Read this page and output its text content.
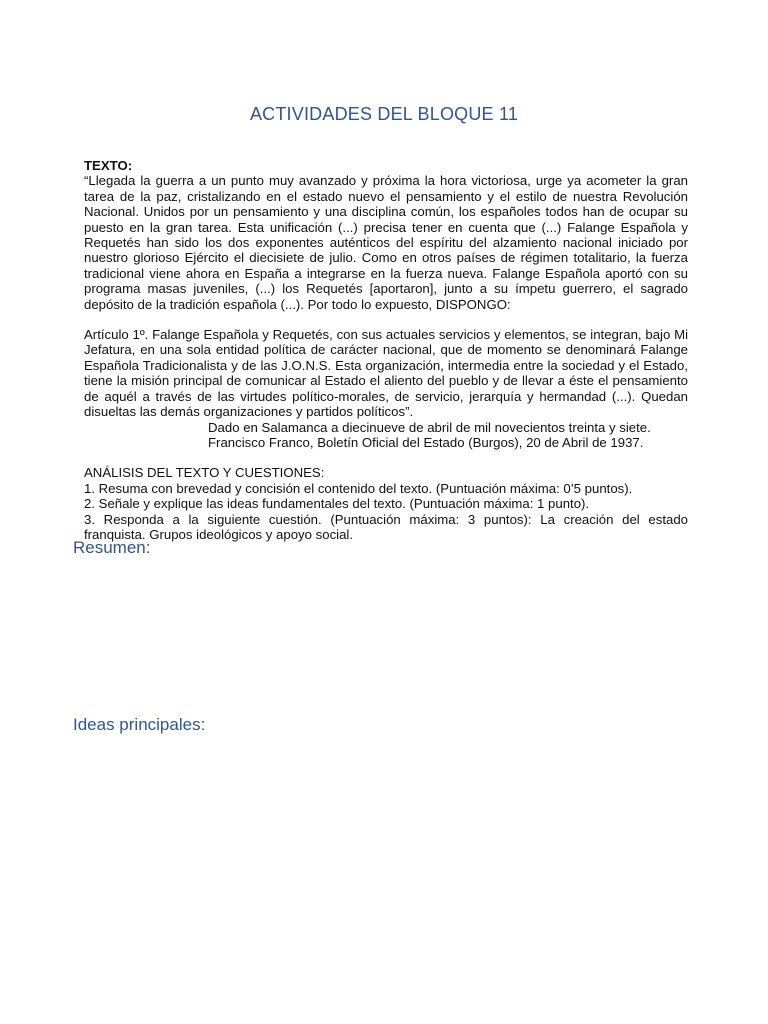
ACTIVIDADES DEL BLOQUE 11

TEXTO:

“Llegada la guerra a un punto muy avanzado y próxima la hora victoriosa, urge ya acometer la gran tarea de la paz, cristalizando en el estado nuevo el pensamiento y el estilo de nuestra Revolución Nacional. Unidos por un pensamiento y una disciplina común, los españoles todos han de ocupar su puesto en la gran tarea. Esta unificación (...) precisa tener en cuenta que (...) Falange Española y Requetés han sido los dos exponentes auténticos del espíritu del alzamiento nacional iniciado por nuestro glorioso Ejército el diecisiete de julio. Como en otros países de régimen totalitario, la fuerza tradicional viene ahora en España a integrarse en la fuerza nueva. Falange Española aportó con su programa masas juveniles, (...) los Requetés [aportaron], junto a su ímpetu guerrero, el sagrado depósito de la tradición española (...). Por todo lo expuesto, DISPONGO:

Artículo 1º. Falange Española y Requetés, con sus actuales servicios y elementos, se integran, bajo Mi Jefatura, en una sola entidad política de carácter nacional, que de momento se denominará Falange Española Tradicionalista y de las J.O.N.S. Esta organización, intermedia entre la sociedad y el Estado, tiene la misión principal de comunicar al Estado el aliento del pueblo y de llevar a éste el pensamiento de aquél a través de las virtudes político-morales, de servicio, jerarquía y hermandad (...). Quedan disueltas las demás organizaciones y partidos políticos”.

Dado en Salamanca a diecinueve de abril de mil novecientos treinta y siete.

Francisco Franco, Boletín Oficial del Estado (Burgos), 20 de Abril de 1937.

ANÁLISIS DEL TEXTO Y CUESTIONES:

1. Resuma con brevedad y concisión el contenido del texto. (Puntuación máxima: 0’5 puntos).

2. Señale y explique las ideas fundamentales del texto. (Puntuación máxima: 1 punto).

3. Responda a la siguiente cuestión. (Puntuación máxima: 3 puntos): La creación del estado franquista. Grupos ideológicos y apoyo social.

Resumen:
Ideas principales:
